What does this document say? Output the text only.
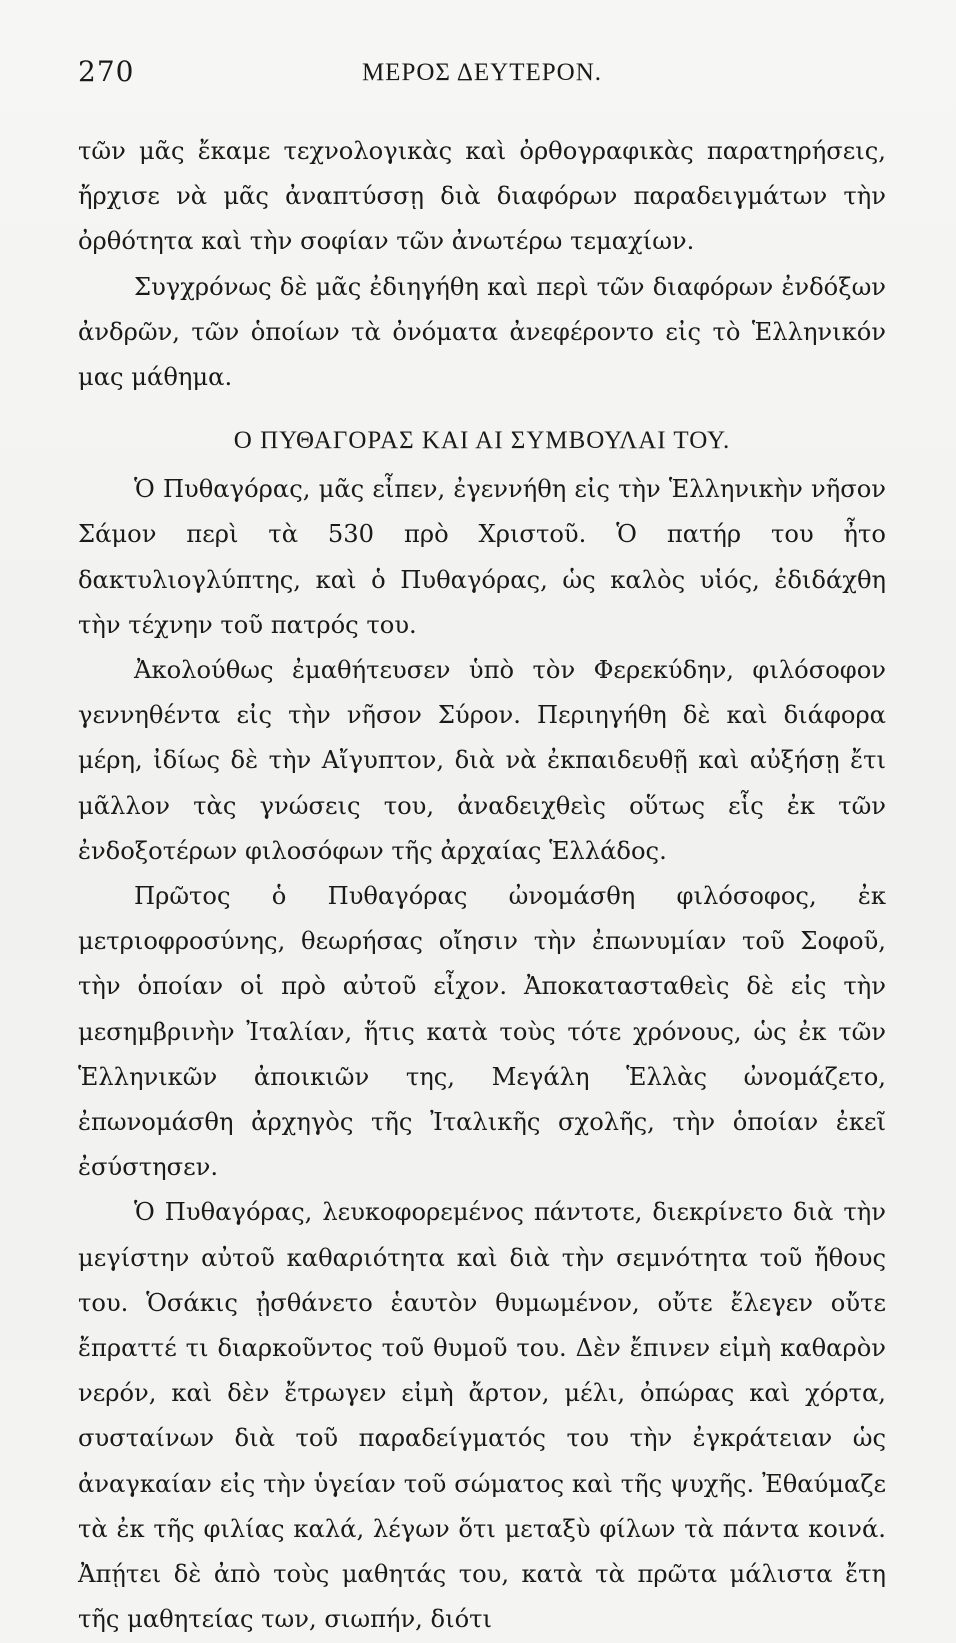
270	ΜΕΡΟΣ ΔΕΥΤΕΡΟΝ.

τῶν μᾶς ἔκαμε τεχνολογικὰς καὶ ὀρθογραφικὰς παρατηρήσεις, ἤρχισε νὰ μᾶς ἀναπτύσσῃ διὰ διαφόρων παραδειγμάτων τὴν ὀρθότητα καὶ τὴν σοφίαν τῶν ἀνωτέρω τεμαχίων.

Συγχρόνως δὲ μᾶς ἐδιηγήθη καὶ περὶ τῶν διαφόρων ἐνδόξων ἀνδρῶν, τῶν ὁποίων τὰ ὀνόματα ἀνεφέροντο εἰς τὸ Ἑλληνικόν μας μάθημα.

Ο ΠΥΘΑΓΟΡΑΣ ΚΑΙ ΑΙ ΣΥΜΒΟΥΛΑΙ ΤΟΥ.

Ὁ Πυθαγόρας, μᾶς εἶπεν, ἐγεννήθη εἰς τὴν Ἑλληνικὴν νῆσον Σάμον περὶ τὰ 530 πρὸ Χριστοῦ. Ὁ πατήρ του ἦτο δακτυλιογλύπτης, καὶ ὁ Πυθαγόρας, ὡς καλὸς υἱός, ἐδιδάχθη τὴν τέχνην τοῦ πατρός του.

Ἀκολούθως ἐμαθήτευσεν ὑπὸ τὸν Φερεκύδην, φιλόσοφον γεννηθέντα εἰς τὴν νῆσον Σύρον. Περιηγήθη δὲ καὶ διάφορα μέρη, ἰδίως δὲ τὴν Αἴγυπτον, διὰ νὰ ἐκπαιδευθῇ καὶ αὐξήσῃ ἔτι μᾶλλον τὰς γνώσεις του, ἀναδειχθεὶς οὕτως εἷς ἐκ τῶν ἐνδοξοτέρων φιλοσόφων τῆς ἀρχαίας Ἑλλάδος.

Πρῶτος ὁ Πυθαγόρας ὠνομάσθη φιλόσοφος, ἐκ μετριοφροσύνης, θεωρήσας οἴησιν τὴν ἐπωνυμίαν τοῦ Σοφοῦ, τὴν ὁποίαν οἱ πρὸ αὐτοῦ εἶχον. Ἀποκατασταθεὶς δὲ εἰς τὴν μεσημβρινὴν Ἰταλίαν, ἥτις κατὰ τοὺς τότε χρόνους, ὡς ἐκ τῶν Ἑλληνικῶν ἀποικιῶν της, Μεγάλη Ἑλλὰς ὠνομάζετο, ἐπωνομάσθη ἀρχηγὸς τῆς Ἰταλικῆς σχολῆς, τὴν ὁποίαν ἐκεῖ ἐσύστησεν.

Ὁ Πυθαγόρας, λευκοφορεμένος πάντοτε, διεκρίνετο διὰ τὴν μεγίστην αὐτοῦ καθαριότητα καὶ διὰ τὴν σεμνότητα τοῦ ἤθους του. Ὁσάκις ᾐσθάνετο ἑαυτὸν θυμωμένον, οὔτε ἔλεγεν οὔτε ἔπραττέ τι διαρκοῦντος τοῦ θυμοῦ του. Δὲν ἔπινεν εἰμὴ καθαρὸν νερόν, καὶ δὲν ἔτρωγεν εἰμὴ ἄρτον, μέλι, ὀπώρας καὶ χόρτα, συσταίνων διὰ τοῦ παραδείγματός του τὴν ἐγκράτειαν ὡς ἀναγκαίαν εἰς τὴν ὑγείαν τοῦ σώματος καὶ τῆς ψυχῆς. Ἐθαύμαζε τὰ ἐκ τῆς φιλίας καλά, λέγων ὅτι μεταξὺ φίλων τὰ πάντα κοινά. Ἀπῄτει δὲ ἀπὸ τοὺς μαθητάς του, κατὰ τὰ πρῶτα μάλιστα ἔτη τῆς μαθητείας των, σιωπήν, διότι
